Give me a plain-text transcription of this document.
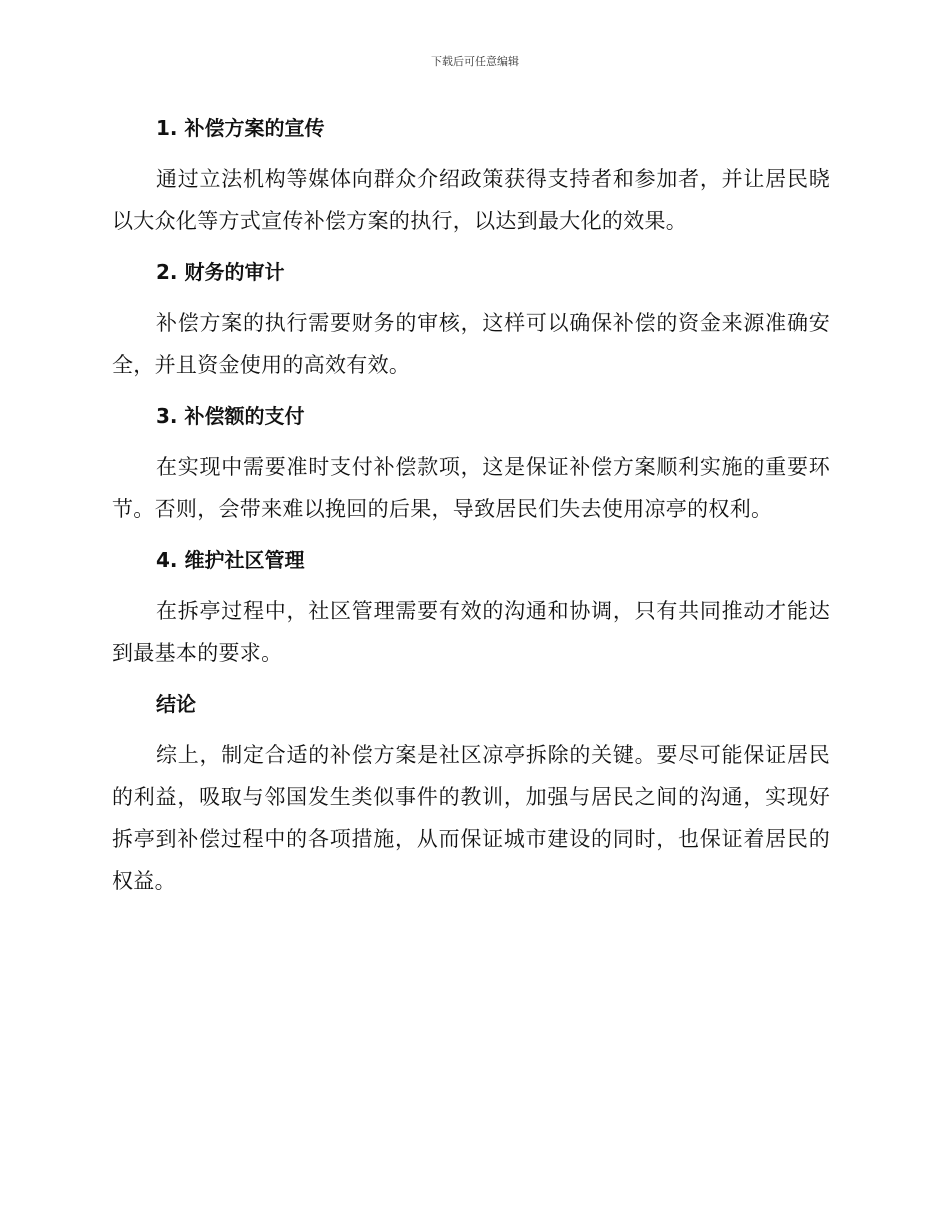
下载后可任意编辑
1. 补偿方案的宣传

通过立法机构等媒体向群众介绍政策获得支持者和参加者，并让居民晓以大众化等方式宣传补偿方案的执行，以达到最大化的效果。

2. 财务的审计

补偿方案的执行需要财务的审核，这样可以确保补偿的资金来源准确安全，并且资金使用的高效有效。

3. 补偿额的支付

在实现中需要准时支付补偿款项，这是保证补偿方案顺利实施的重要环节。否则，会带来难以挽回的后果，导致居民们失去使用凉亭的权利。

4. 维护社区管理

在拆亭过程中，社区管理需要有效的沟通和协调，只有共同推动才能达到最基本的要求。

结论

综上，制定合适的补偿方案是社区凉亭拆除的关键。要尽可能保证居民的利益，吸取与邻国发生类似事件的教训，加强与居民之间的沟通，实现好拆亭到补偿过程中的各项措施，从而保证城市建设的同时，也保证着居民的权益。
